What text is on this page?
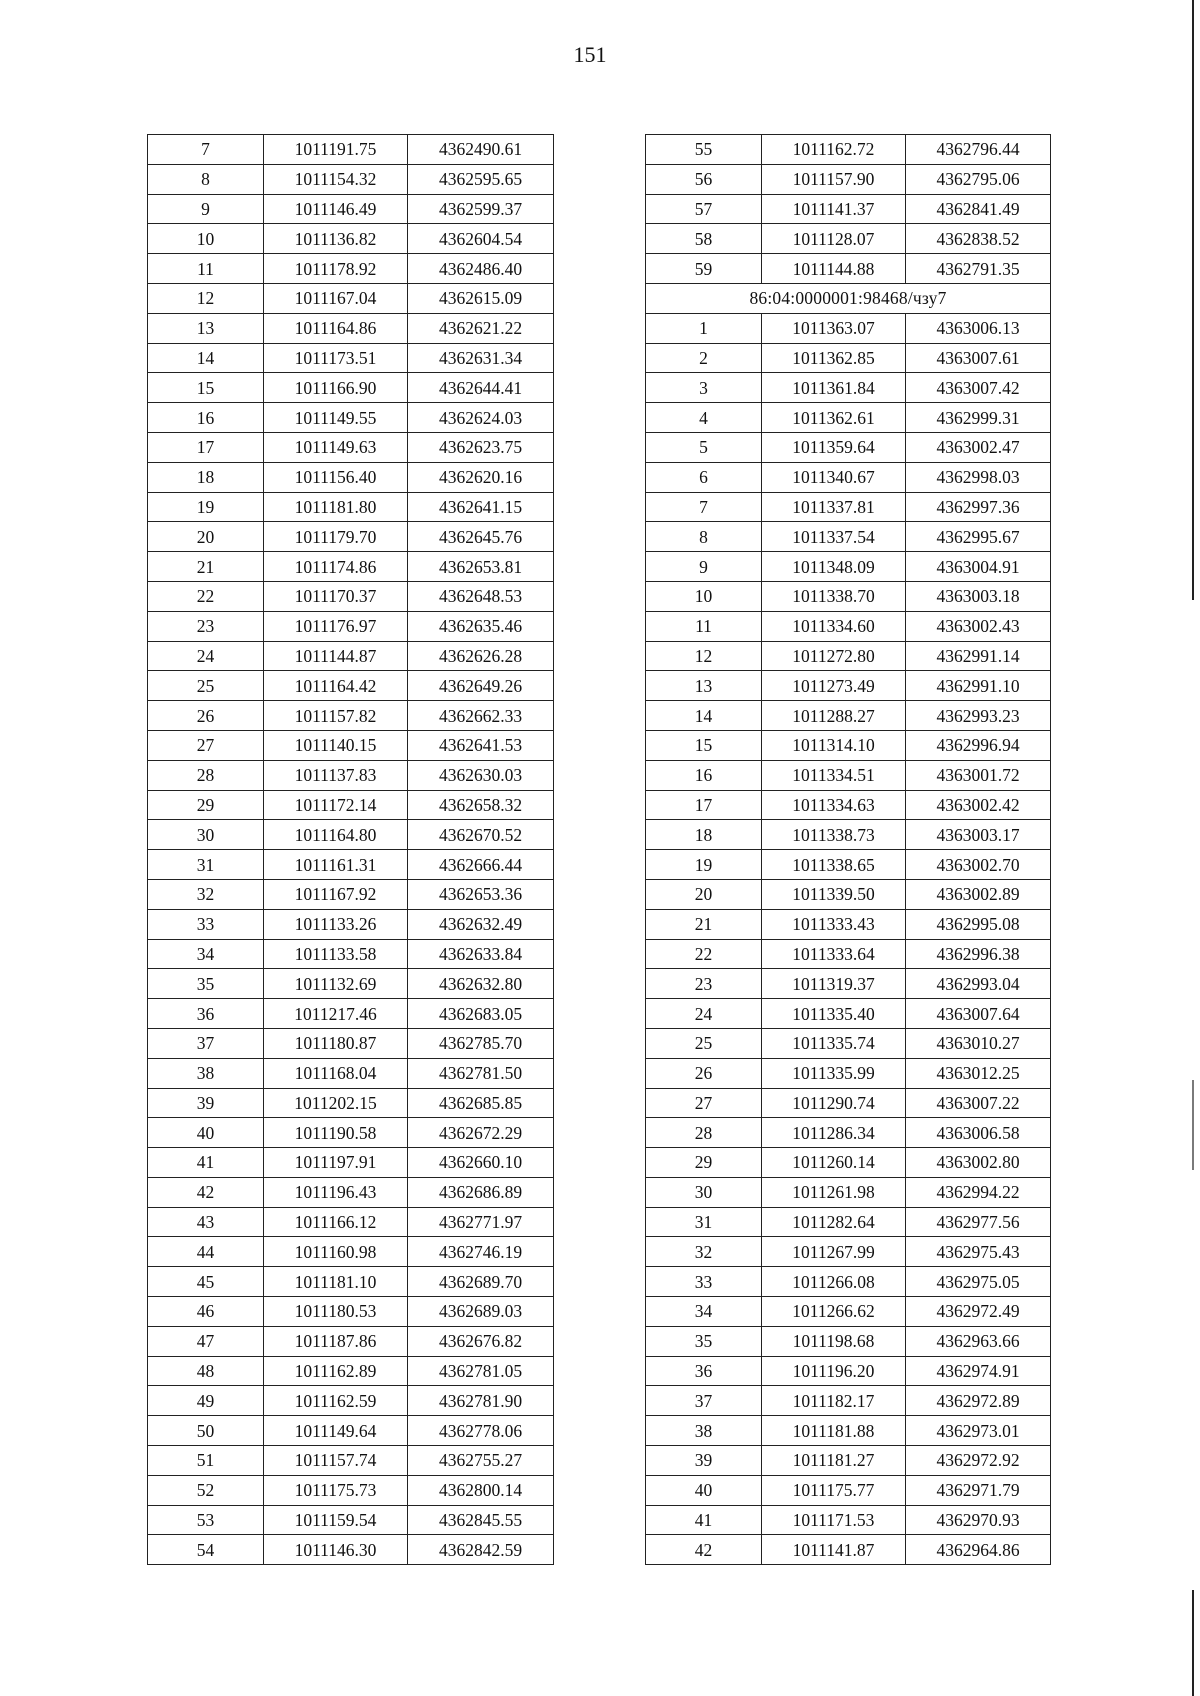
151
7	1011191.75	4362490.61
8	1011154.32	4362595.65
9	1011146.49	4362599.37
10	1011136.82	4362604.54
11	1011178.92	4362486.40
12	1011167.04	4362615.09
13	1011164.86	4362621.22
14	1011173.51	4362631.34
15	1011166.90	4362644.41
16	1011149.55	4362624.03
17	1011149.63	4362623.75
18	1011156.40	4362620.16
19	1011181.80	4362641.15
20	1011179.70	4362645.76
21	1011174.86	4362653.81
22	1011170.37	4362648.53
23	1011176.97	4362635.46
24	1011144.87	4362626.28
25	1011164.42	4362649.26
26	1011157.82	4362662.33
27	1011140.15	4362641.53
28	1011137.83	4362630.03
29	1011172.14	4362658.32
30	1011164.80	4362670.52
31	1011161.31	4362666.44
32	1011167.92	4362653.36
33	1011133.26	4362632.49
34	1011133.58	4362633.84
35	1011132.69	4362632.80
36	1011217.46	4362683.05
37	1011180.87	4362785.70
38	1011168.04	4362781.50
39	1011202.15	4362685.85
40	1011190.58	4362672.29
41	1011197.91	4362660.10
42	1011196.43	4362686.89
43	1011166.12	4362771.97
44	1011160.98	4362746.19
45	1011181.10	4362689.70
46	1011180.53	4362689.03
47	1011187.86	4362676.82
48	1011162.89	4362781.05
49	1011162.59	4362781.90
50	1011149.64	4362778.06
51	1011157.74	4362755.27
52	1011175.73	4362800.14
53	1011159.54	4362845.55
54	1011146.30	4362842.59
55	1011162.72	4362796.44
56	1011157.90	4362795.06
57	1011141.37	4362841.49
58	1011128.07	4362838.52
59	1011144.88	4362791.35
86:04:0000001:98468/чзу7		
1	1011363.07	4363006.13
2	1011362.85	4363007.61
3	1011361.84	4363007.42
4	1011362.61	4362999.31
5	1011359.64	4363002.47
6	1011340.67	4362998.03
7	1011337.81	4362997.36
8	1011337.54	4362995.67
9	1011348.09	4363004.91
10	1011338.70	4363003.18
11	1011334.60	4363002.43
12	1011272.80	4362991.14
13	1011273.49	4362991.10
14	1011288.27	4362993.23
15	1011314.10	4362996.94
16	1011334.51	4363001.72
17	1011334.63	4363002.42
18	1011338.73	4363003.17
19	1011338.65	4363002.70
20	1011339.50	4363002.89
21	1011333.43	4362995.08
22	1011333.64	4362996.38
23	1011319.37	4362993.04
24	1011335.40	4363007.64
25	1011335.74	4363010.27
26	1011335.99	4363012.25
27	1011290.74	4363007.22
28	1011286.34	4363006.58
29	1011260.14	4363002.80
30	1011261.98	4362994.22
31	1011282.64	4362977.56
32	1011267.99	4362975.43
33	1011266.08	4362975.05
34	1011266.62	4362972.49
35	1011198.68	4362963.66
36	1011196.20	4362974.91
37	1011182.17	4362972.89
38	1011181.88	4362973.01
39	1011181.27	4362972.92
40	1011175.77	4362971.79
41	1011171.53	4362970.93
42	1011141.87	4362964.86
